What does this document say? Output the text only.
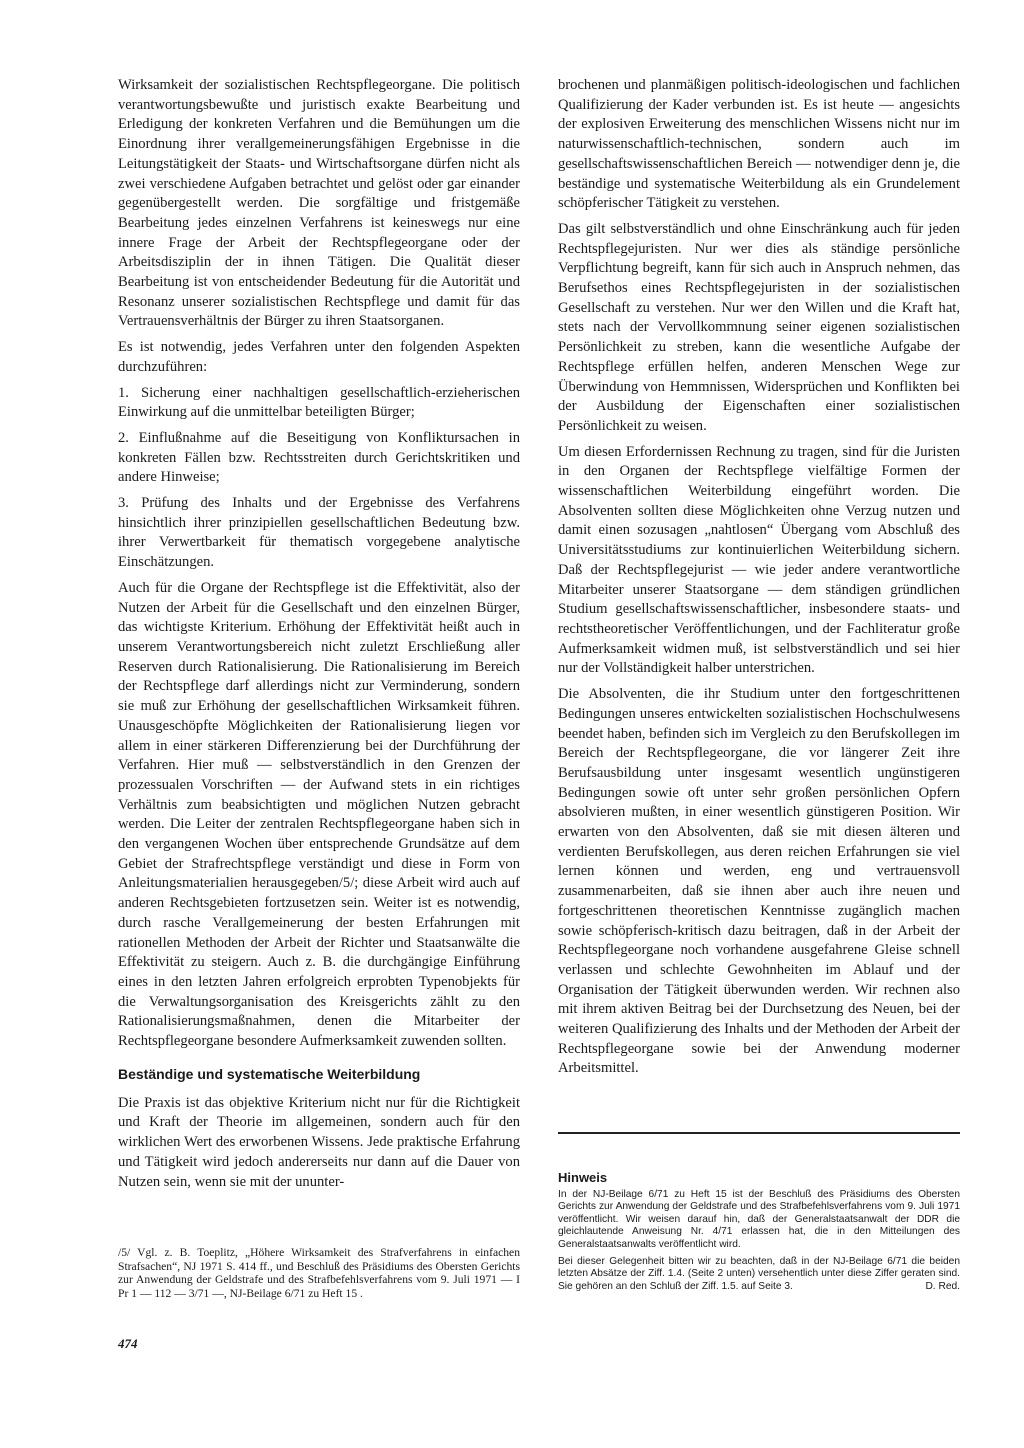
Wirksamkeit der sozialistischen Rechtspflegeorgane. Die politisch verantwortungsbewußte und juristisch exakte Bearbeitung und Erledigung der konkreten Verfahren und die Bemühungen um die Einordnung ihrer verallgemeinerungsfähigen Ergebnisse in die Leitungstätigkeit der Staats- und Wirtschaftsorgane dürfen nicht als zwei verschiedene Aufgaben betrachtet und gelöst oder gar einander gegenübergestellt werden. Die sorgfältige und fristgemäße Bearbeitung jedes einzelnen Verfahrens ist keineswegs nur eine innere Frage der Arbeit der Rechtspflegeorgane oder der Arbeitsdisziplin der in ihnen Tätigen. Die Qualität dieser Bearbeitung ist von entscheidender Bedeutung für die Autorität und Resonanz unserer sozialistischen Rechtspflege und damit für das Vertrauensverhältnis der Bürger zu ihren Staatsorganen.

Es ist notwendig, jedes Verfahren unter den folgenden Aspekten durchzuführen:

1. Sicherung einer nachhaltigen gesellschaftlich-erzieherischen Einwirkung auf die unmittelbar beteiligten Bürger;

2. Einflußnahme auf die Beseitigung von Konfliktursachen in konkreten Fällen bzw. Rechtsstreiten durch Gerichtskritiken und andere Hinweise;

3. Prüfung des Inhalts und der Ergebnisse des Verfahrens hinsichtlich ihrer prinzipiellen gesellschaftlichen Bedeutung bzw. ihrer Verwertbarkeit für thematisch vorgegebene analytische Einschätzungen.

Auch für die Organe der Rechtspflege ist die Effektivität, also der Nutzen der Arbeit für die Gesellschaft und den einzelnen Bürger, das wichtigste Kriterium. Erhöhung der Effektivität heißt auch in unserem Verantwortungsbereich nicht zuletzt Erschließung aller Reserven durch Rationalisierung. Die Rationalisierung im Bereich der Rechtspflege darf allerdings nicht zur Verminderung, sondern sie muß zur Erhöhung der gesellschaftlichen Wirksamkeit führen. Unausgeschöpfte Möglichkeiten der Rationalisierung liegen vor allem in einer stärkeren Differenzierung bei der Durchführung der Verfahren. Hier muß — selbstverständlich in den Grenzen der prozessualen Vorschriften — der Aufwand stets in ein richtiges Verhältnis zum beabsichtigten und möglichen Nutzen gebracht werden. Die Leiter der zentralen Rechtspflegeorgane haben sich in den vergangenen Wochen über entsprechende Grundsätze auf dem Gebiet der Strafrechtspflege verständigt und diese in Form von Anleitungsmaterialien herausgegeben/5/; diese Arbeit wird auch auf anderen Rechtsgebieten fortzusetzen sein. Weiter ist es notwendig, durch rasche Verallgemeinerung der besten Erfahrungen mit rationellen Methoden der Arbeit der Richter und Staatsanwälte die Effektivität zu steigern. Auch z. B. die durchgängige Einführung eines in den letzten Jahren erfolgreich erprobten Typenobjekts für die Verwaltungsorganisation des Kreisgerichts zählt zu den Rationalisierungsmaßnahmen, denen die Mitarbeiter der Rechtspflegeorgane besondere Aufmerksamkeit zuwenden sollten.

Beständige und systematische Weiterbildung

Die Praxis ist das objektive Kriterium nicht nur für die Richtigkeit und Kraft der Theorie im allgemeinen, sondern auch für den wirklichen Wert des erworbenen Wissens. Jede praktische Erfahrung und Tätigkeit wird jedoch andererseits nur dann auf die Dauer von Nutzen sein, wenn sie mit der ununter-

brochenen und planmäßigen politisch-ideologischen und fachlichen Qualifizierung der Kader verbunden ist. Es ist heute — angesichts der explosiven Erweiterung des menschlichen Wissens nicht nur im naturwissenschaftlich-technischen, sondern auch im gesellschaftswissenschaftlichen Bereich — notwendiger denn je, die beständige und systematische Weiterbildung als ein Grundelement schöpferischer Tätigkeit zu verstehen.

Das gilt selbstverständlich und ohne Einschränkung auch für jeden Rechtspflegejuristen. Nur wer dies als ständige persönliche Verpflichtung begreift, kann für sich auch in Anspruch nehmen, das Berufsethos eines Rechtspflegejuristen in der sozialistischen Gesellschaft zu verstehen. Nur wer den Willen und die Kraft hat, stets nach der Vervollkommnung seiner eigenen sozialistischen Persönlichkeit zu streben, kann die wesentliche Aufgabe der Rechtspflege erfüllen helfen, anderen Menschen Wege zur Überwindung von Hemmnissen, Widersprüchen und Konflikten bei der Ausbildung der Eigenschaften einer sozialistischen Persönlichkeit zu weisen.

Um diesen Erfordernissen Rechnung zu tragen, sind für die Juristen in den Organen der Rechtspflege vielfältige Formen der wissenschaftlichen Weiterbildung eingeführt worden. Die Absolventen sollten diese Möglichkeiten ohne Verzug nutzen und damit einen sozusagen „nahtlosen“ Übergang vom Abschluß des Universitätsstudiums zur kontinuierlichen Weiterbildung sichern. Daß der Rechtspflegejurist — wie jeder andere verantwortliche Mitarbeiter unserer Staatsorgane — dem ständigen gründlichen Studium gesellschaftswissenschaftlicher, insbesondere staats- und rechtstheoretischer Veröffentlichungen, und der Fachliteratur große Aufmerksamkeit widmen muß, ist selbstverständlich und sei hier nur der Vollständigkeit halber unterstrichen.

Die Absolventen, die ihr Studium unter den fortgeschrittenen Bedingungen unseres entwickelten sozialistischen Hochschulwesens beendet haben, befinden sich im Vergleich zu den Berufskollegen im Bereich der Rechtspflegeorgane, die vor längerer Zeit ihre Berufsausbildung unter insgesamt wesentlich ungünstigeren Bedingungen sowie oft unter sehr großen persönlichen Opfern absolvieren mußten, in einer wesentlich günstigeren Position. Wir erwarten von den Absolventen, daß sie mit diesen älteren und verdienten Berufskollegen, aus deren reichen Erfahrungen sie viel lernen können und werden, eng und vertrauensvoll zusammenarbeiten, daß sie ihnen aber auch ihre neuen und fortgeschrittenen theoretischen Kenntnisse zugänglich machen sowie schöpferisch-kritisch dazu beitragen, daß in der Arbeit der Rechtspflegeorgane noch vorhandene ausgefahrene Gleise schnell verlassen und schlechte Gewohnheiten im Ablauf und der Organisation der Tätigkeit überwunden werden. Wir rechnen also mit ihrem aktiven Beitrag bei der Durchsetzung des Neuen, bei der weiteren Qualifizierung des Inhalts und der Methoden der Arbeit der Rechtspflegeorgane sowie bei der Anwendung moderner Arbeitsmittel.

/5/ Vgl. z. B. Toeplitz, „Höhere Wirksamkeit des Strafverfahrens in einfachen Strafsachen“, NJ 1971 S. 414 ff., und Beschluß des Präsidiums des Obersten Gerichts zur Anwendung der Geldstrafe und des Strafbefehlsverfahrens vom 9. Juli 1971 — I Pr 1 — 112 — 3/71 —, NJ-Beilage 6/71 zu Heft 15 .
474
Hinweis

In der NJ-Beilage 6/71 zu Heft 15 ist der Beschluß des Präsidiums des Obersten Gerichts zur Anwendung der Geldstrafe und des Strafbefehlsverfahrens vom 9. Juli 1971 veröffentlicht. Wir weisen darauf hin, daß der Generalstaatsanwalt der DDR die gleichlautende Anweisung Nr. 4/71 erlassen hat, die in den Mitteilungen des Generalstaatsanwalts veröffentlicht wird.

Bei dieser Gelegenheit bitten wir zu beachten, daß in der NJ-Beilage 6/71 die beiden letzten Absätze der Ziff. 1.4. (Seite 2 unten) versehentlich unter diese Ziffer geraten sind. Sie gehören an den Schluß der Ziff. 1.5. auf Seite 3.	D. Red.
